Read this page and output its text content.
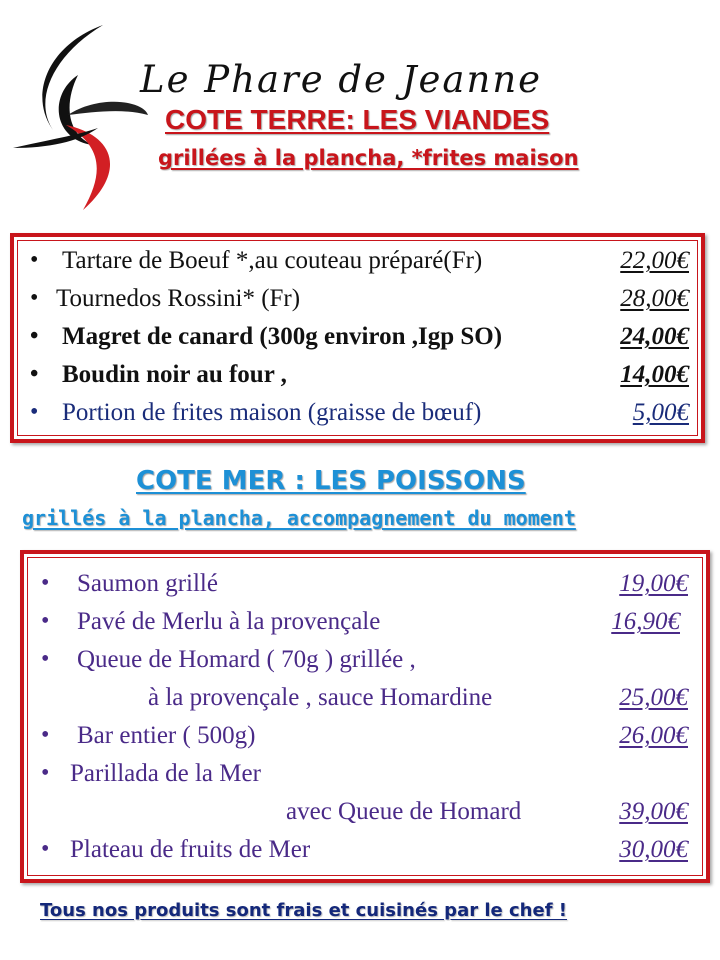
Le Phare de Jeanne
COTE TERRE: LES VIANDES
grillées à la plancha, *frites maison
• Tartare de Boeuf *,au couteau préparé(Fr)	22,00€
• Tournedos Rossini* (Fr)	28,00€
• Magret de canard (300g environ ,Igp SO)	24,00€
• Boudin noir au four ,	14,00€
• Portion de frites maison (graisse de bœuf)	5,00€
COTE MER : LES POISSONS
grillés à la plancha, accompagnement du moment
• Saumon grillé	19,00€
• Pavé de Merlu à la provençale	16,90€
• Queue de Homard ( 70g ) grillée ,
à la provençale , sauce Homardine	25,00€
• Bar entier ( 500g)	26,00€
• Parillada de la Mer
avec Queue de Homard	39,00€
• Plateau de fruits de Mer	30,00€
Tous nos produits sont frais et cuisinés par le chef !
